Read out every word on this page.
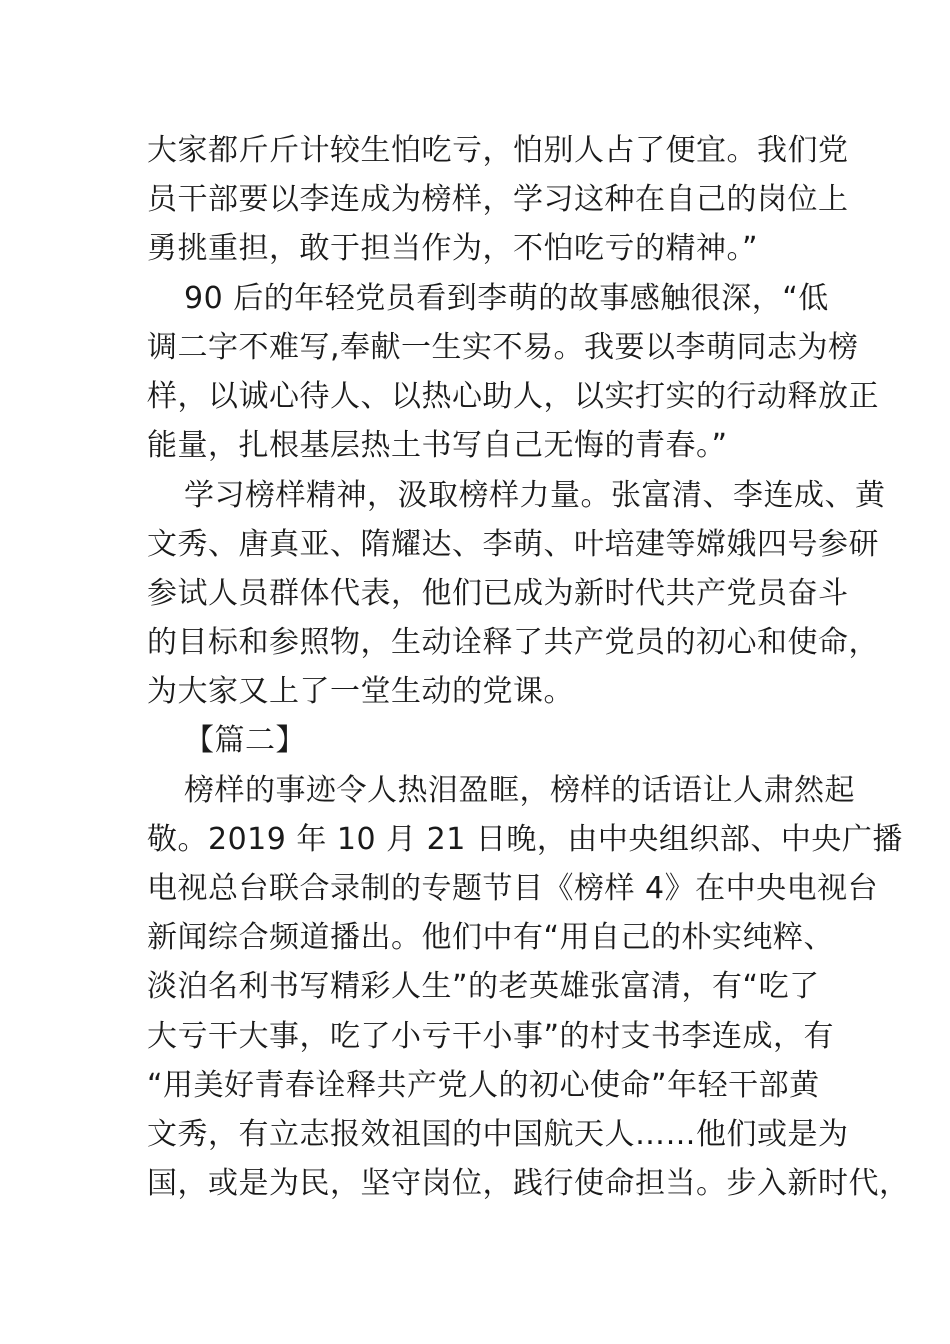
大家都斤斤计较生怕吃亏，怕别人占了便宜。我们党
员干部要以李连成为榜样，学习这种在自己的岗位上
勇挑重担，敢于担当作为，不怕吃亏的精神。”
90 后的年轻党员看到李萌的故事感触很深，“低
调二字不难写,奉献一生实不易。我要以李萌同志为榜
样，以诚心待人、以热心助人，以实打实的行动释放正
能量，扎根基层热土书写自己无悔的青春。”
学习榜样精神，汲取榜样力量。张富清、李连成、黄
文秀、唐真亚、隋耀达、李萌、叶培建等嫦娥四号参研
参试人员群体代表，他们已成为新时代共产党员奋斗
的目标和参照物，生动诠释了共产党员的初心和使命，
为大家又上了一堂生动的党课。
【篇二】
榜样的事迹令人热泪盈眶，榜样的话语让人肃然起
敬。2019 年 10 月 21 日晚，由中央组织部、中央广播
电视总台联合录制的专题节目《榜样 4》在中央电视台
新闻综合频道播出。他们中有“用自己的朴实纯粹、
淡泊名利书写精彩人生”的老英雄张富清，有“吃了
大亏干大事，吃了小亏干小事”的村支书李连成，有
“用美好青春诠释共产党人的初心使命”年轻干部黄
文秀，有立志报效祖国的中国航天人……他们或是为
国，或是为民，坚守岗位，践行使命担当。步入新时代，
